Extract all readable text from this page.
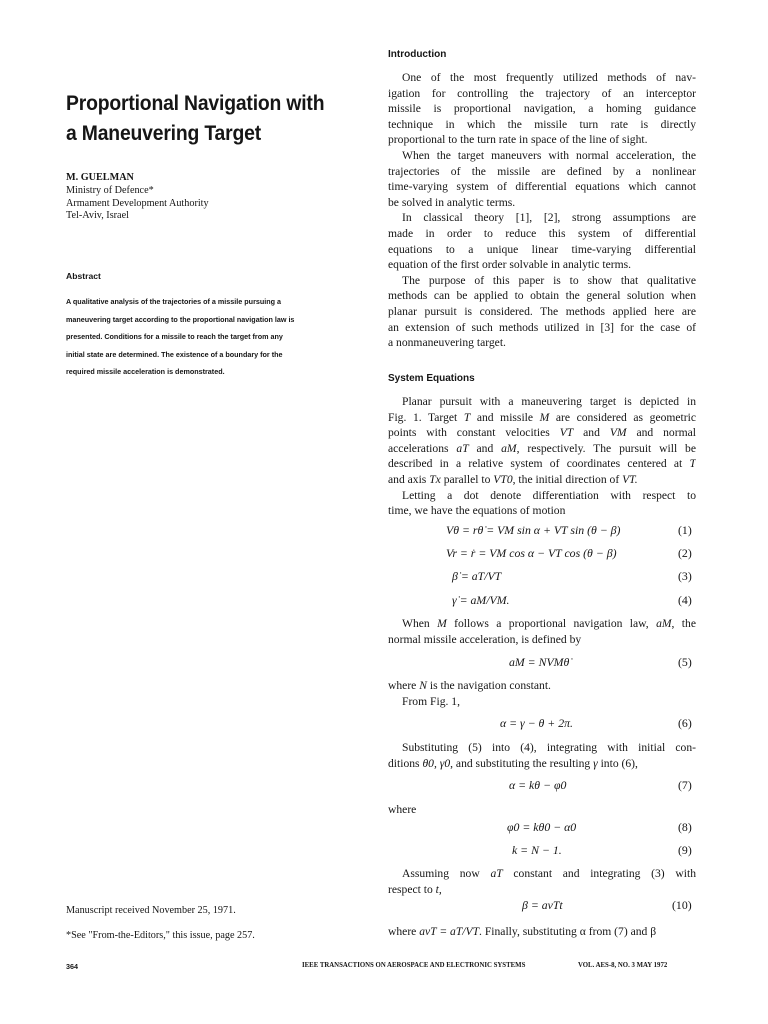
Proportional Navigation with
a Maneuvering Target
M. GUELMAN
Ministry of Defence*
Armament Development Authority
Tel-Aviv, Israel
Abstract
A qualitative analysis of the trajectories of a missile pursuing a
maneuvering target according to the proportional navigation law is
presented. Conditions for a missile to reach the target from any
initial state are determined. The existence of a boundary for the
required missile acceleration is demonstrated.
Manuscript received November 25, 1971.
*See "From-the-Editors," this issue, page 257.
364	IEEE TRANSACTIONS ON AEROSPACE AND ELECTRONIC SYSTEMS	VOL. AES-8, NO. 3 MAY 1972
Introduction
One of the most frequently utilized methods of nav-
igation for controlling the trajectory of an interceptor
missile is proportional navigation, a homing guidance
technique in which the missile turn rate is directly
proportional to the turn rate in space of the line of sight.
When the target maneuvers with normal acceleration, the
trajectories of the missile are defined by a nonlinear
time-varying system of differential equations which cannot
be solved in analytic terms.
In classical theory [1], [2], strong assumptions are
made in order to reduce this system of differential
equations to a unique linear time-varying differential
equation of the first order solvable in analytic terms.
The purpose of this paper is to show that qualitative
methods can be applied to obtain the general solution when
planar pursuit is considered. The methods applied here are
an extension of such methods utilized in [3] for the case of
a nonmaneuvering target.
System Equations
Planar pursuit with a maneuvering target is depicted in
Fig. 1. Target T and missile M are considered as geometric
points with constant velocities VT and VM and normal
accelerations aT and aM, respectively. The pursuit will be
described in a relative system of coordinates centered at T
and axis Tx parallel to VT0, the initial direction of VT.
Letting a dot denote differentiation with respect to
time, we have the equations of motion
Vθ = rθ̇ = VM sin α + VT sin (θ − β)	(1)
Vr = ṙ = VM cos α − VT cos (θ − β)	(2)
β̇ = aT/VT	(3)
γ̇ = aM/VM.	(4)
When M follows a proportional navigation law, aM, the
normal missile acceleration, is defined by
aM = NVMθ̇	(5)
where N is the navigation constant.
From Fig. 1,
α = γ − θ + 2π.	(6)
Substituting (5) into (4), integrating with initial con-
ditions θ0, γ0, and substituting the resulting γ into (6),
α = kθ − φ0	(7)
where
φ0 = kθ0 − α0	(8)
k = N − 1.	(9)
Assuming now aT constant and integrating (3) with
respect to t,
β = aνTt	(10)
where avT = aT/VT. Finally, substituting α from (7) and β
